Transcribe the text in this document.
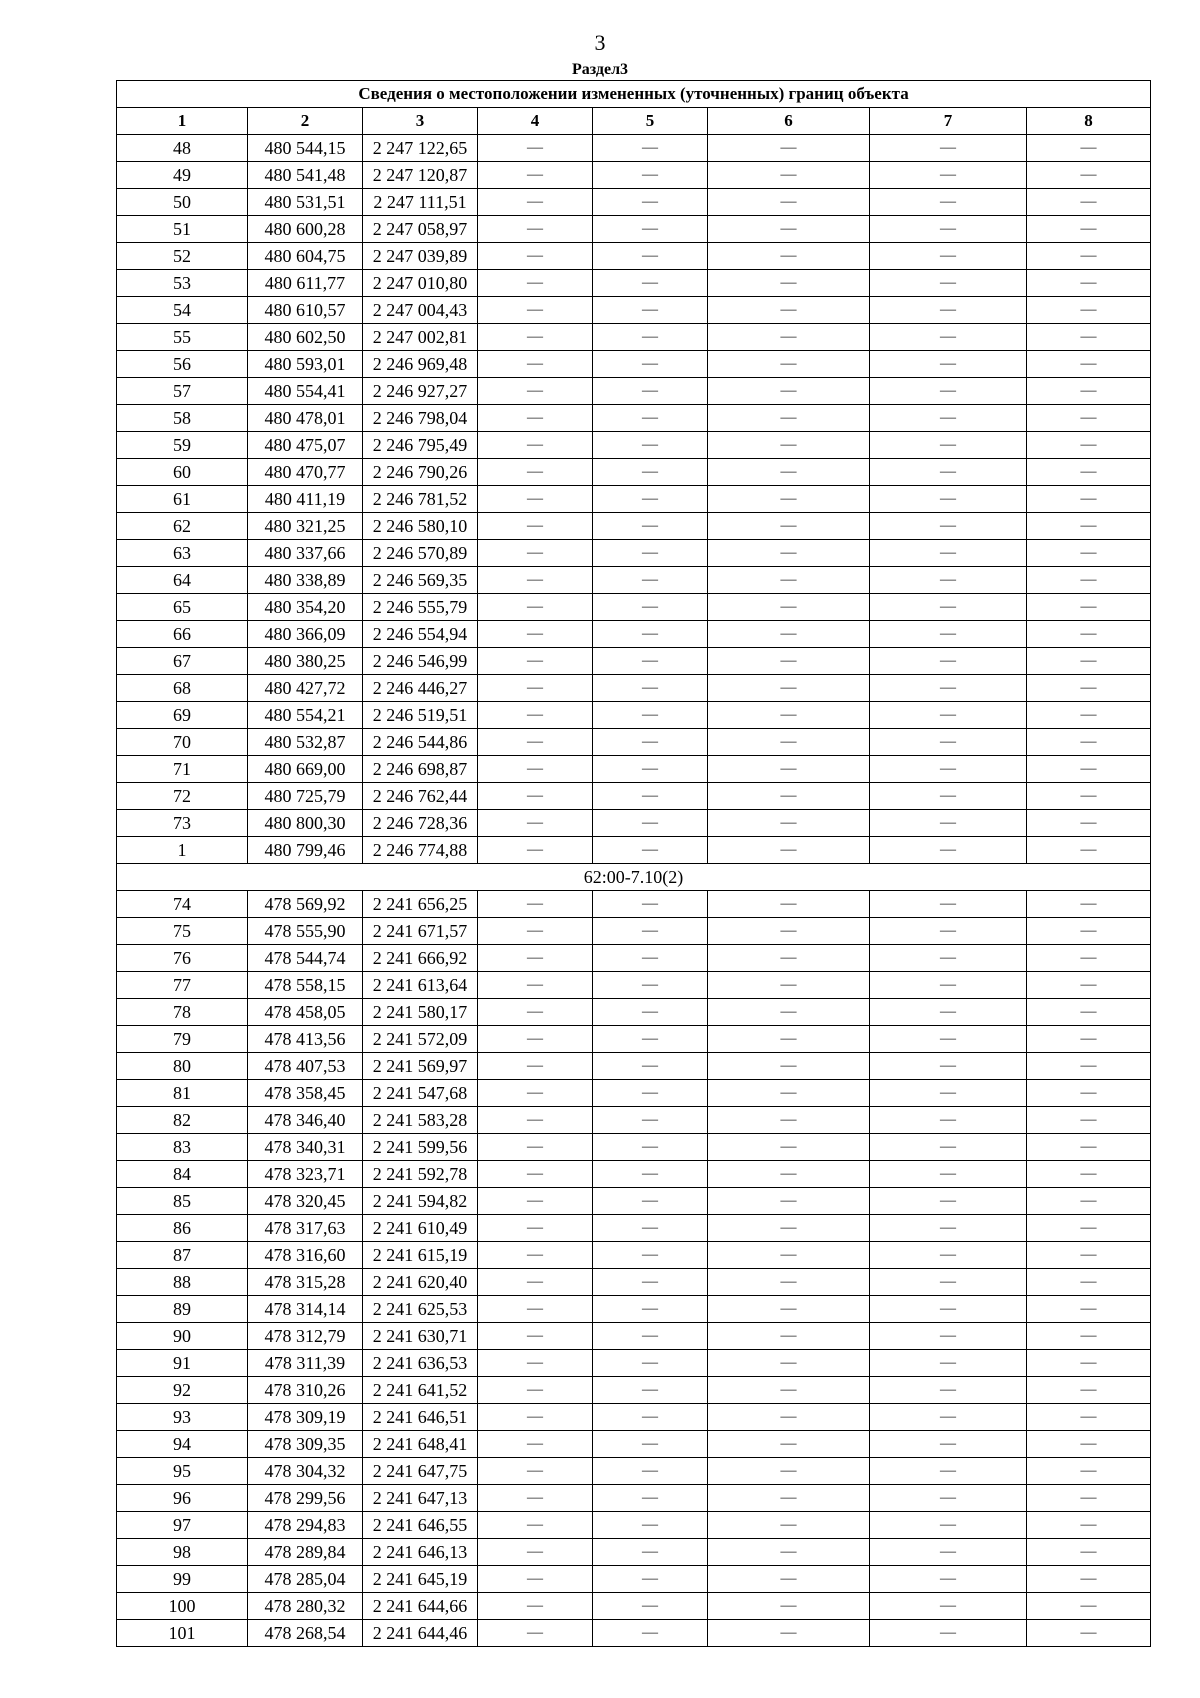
3
Раздел3
Сведения о местоположении измененных (уточненных) границ объекта							
1	2	3	4	5	6	7	8
48	480 544,15	2 247 122,65	—	—	—	—	—
49	480 541,48	2 247 120,87	—	—	—	—	—
50	480 531,51	2 247 111,51	—	—	—	—	—
51	480 600,28	2 247 058,97	—	—	—	—	—
52	480 604,75	2 247 039,89	—	—	—	—	—
53	480 611,77	2 247 010,80	—	—	—	—	—
54	480 610,57	2 247 004,43	—	—	—	—	—
55	480 602,50	2 247 002,81	—	—	—	—	—
56	480 593,01	2 246 969,48	—	—	—	—	—
57	480 554,41	2 246 927,27	—	—	—	—	—
58	480 478,01	2 246 798,04	—	—	—	—	—
59	480 475,07	2 246 795,49	—	—	—	—	—
60	480 470,77	2 246 790,26	—	—	—	—	—
61	480 411,19	2 246 781,52	—	—	—	—	—
62	480 321,25	2 246 580,10	—	—	—	—	—
63	480 337,66	2 246 570,89	—	—	—	—	—
64	480 338,89	2 246 569,35	—	—	—	—	—
65	480 354,20	2 246 555,79	—	—	—	—	—
66	480 366,09	2 246 554,94	—	—	—	—	—
67	480 380,25	2 246 546,99	—	—	—	—	—
68	480 427,72	2 246 446,27	—	—	—	—	—
69	480 554,21	2 246 519,51	—	—	—	—	—
70	480 532,87	2 246 544,86	—	—	—	—	—
71	480 669,00	2 246 698,87	—	—	—	—	—
72	480 725,79	2 246 762,44	—	—	—	—	—
73	480 800,30	2 246 728,36	—	—	—	—	—
1	480 799,46	2 246 774,88	—	—	—	—	—
62:00-7.10(2)							
74	478 569,92	2 241 656,25	—	—	—	—	—
75	478 555,90	2 241 671,57	—	—	—	—	—
76	478 544,74	2 241 666,92	—	—	—	—	—
77	478 558,15	2 241 613,64	—	—	—	—	—
78	478 458,05	2 241 580,17	—	—	—	—	—
79	478 413,56	2 241 572,09	—	—	—	—	—
80	478 407,53	2 241 569,97	—	—	—	—	—
81	478 358,45	2 241 547,68	—	—	—	—	—
82	478 346,40	2 241 583,28	—	—	—	—	—
83	478 340,31	2 241 599,56	—	—	—	—	—
84	478 323,71	2 241 592,78	—	—	—	—	—
85	478 320,45	2 241 594,82	—	—	—	—	—
86	478 317,63	2 241 610,49	—	—	—	—	—
87	478 316,60	2 241 615,19	—	—	—	—	—
88	478 315,28	2 241 620,40	—	—	—	—	—
89	478 314,14	2 241 625,53	—	—	—	—	—
90	478 312,79	2 241 630,71	—	—	—	—	—
91	478 311,39	2 241 636,53	—	—	—	—	—
92	478 310,26	2 241 641,52	—	—	—	—	—
93	478 309,19	2 241 646,51	—	—	—	—	—
94	478 309,35	2 241 648,41	—	—	—	—	—
95	478 304,32	2 241 647,75	—	—	—	—	—
96	478 299,56	2 241 647,13	—	—	—	—	—
97	478 294,83	2 241 646,55	—	—	—	—	—
98	478 289,84	2 241 646,13	—	—	—	—	—
99	478 285,04	2 241 645,19	—	—	—	—	—
100	478 280,32	2 241 644,66	—	—	—	—	—
101	478 268,54	2 241 644,46	—	—	—	—	—
